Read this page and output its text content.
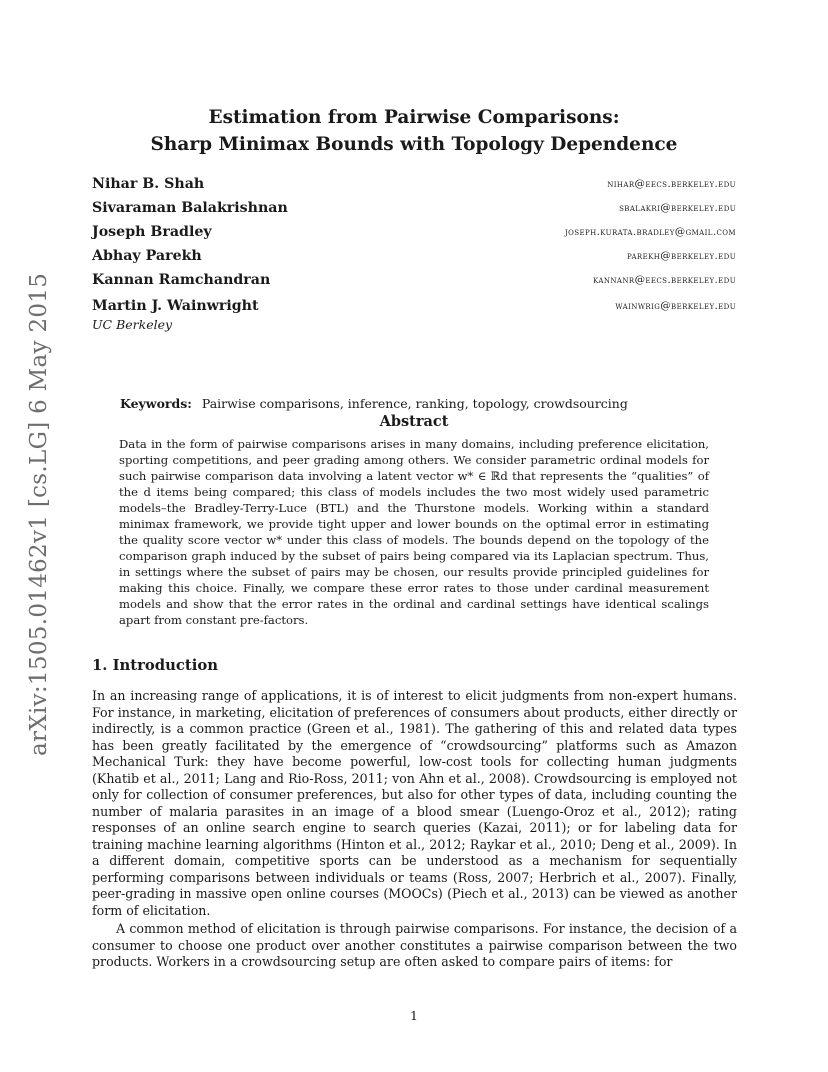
arXiv:1505.01462v1 [cs.LG] 6 May 2015
Estimation from Pairwise Comparisons:
Sharp Minimax Bounds with Topology Dependence
Nihar B. Shah	nihar@eecs.berkeley.edu
Sivaraman Balakrishnan	sbalakri@berkeley.edu
Joseph Bradley	joseph.kurata.bradley@gmail.com
Abhay Parekh	parekh@berkeley.edu
Kannan Ramchandran	kannanr@eecs.berkeley.edu
Martin J. Wainwright	wainwrig@berkeley.edu
UC Berkeley
Keywords: Pairwise comparisons, inference, ranking, topology, crowdsourcing
Abstract
Data in the form of pairwise comparisons arises in many domains, including preference elicitation, sporting competitions, and peer grading among others. We consider parametric ordinal models for such pairwise comparison data involving a latent vector w* ∈ ℝd that represents the “qualities” of the d items being compared; this class of models includes the two most widely used parametric models–the Bradley-Terry-Luce (BTL) and the Thurstone models. Working within a standard minimax framework, we provide tight upper and lower bounds on the optimal error in estimating the quality score vector w* under this class of models. The bounds depend on the topology of the comparison graph induced by the subset of pairs being compared via its Laplacian spectrum. Thus, in settings where the subset of pairs may be chosen, our results provide principled guidelines for making this choice. Finally, we compare these error rates to those under cardinal measurement models and show that the error rates in the ordinal and cardinal settings have identical scalings apart from constant pre-factors.
1. Introduction

In an increasing range of applications, it is of interest to elicit judgments from non-expert humans. For instance, in marketing, elicitation of preferences of consumers about products, either directly or indirectly, is a common practice (Green et al., 1981). The gathering of this and related data types has been greatly facilitated by the emergence of “crowdsourcing” platforms such as Amazon Mechanical Turk: they have become powerful, low-cost tools for collecting human judgments (Khatib et al., 2011; Lang and Rio-Ross, 2011; von Ahn et al., 2008). Crowdsourcing is employed not only for collection of consumer preferences, but also for other types of data, including counting the number of malaria parasites in an image of a blood smear (Luengo-Oroz et al., 2012); rating responses of an online search engine to search queries (Kazai, 2011); or for labeling data for training machine learning algorithms (Hinton et al., 2012; Raykar et al., 2010; Deng et al., 2009). In a different domain, competitive sports can be understood as a mechanism for sequentially performing comparisons between individuals or teams (Ross, 2007; Herbrich et al., 2007). Finally, peer-grading in massive open online courses (MOOCs) (Piech et al., 2013) can be viewed as another form of elicitation.

A common method of elicitation is through pairwise comparisons. For instance, the decision of a consumer to choose one product over another constitutes a pairwise comparison between the two products. Workers in a crowdsourcing setup are often asked to compare pairs of items: for

1
